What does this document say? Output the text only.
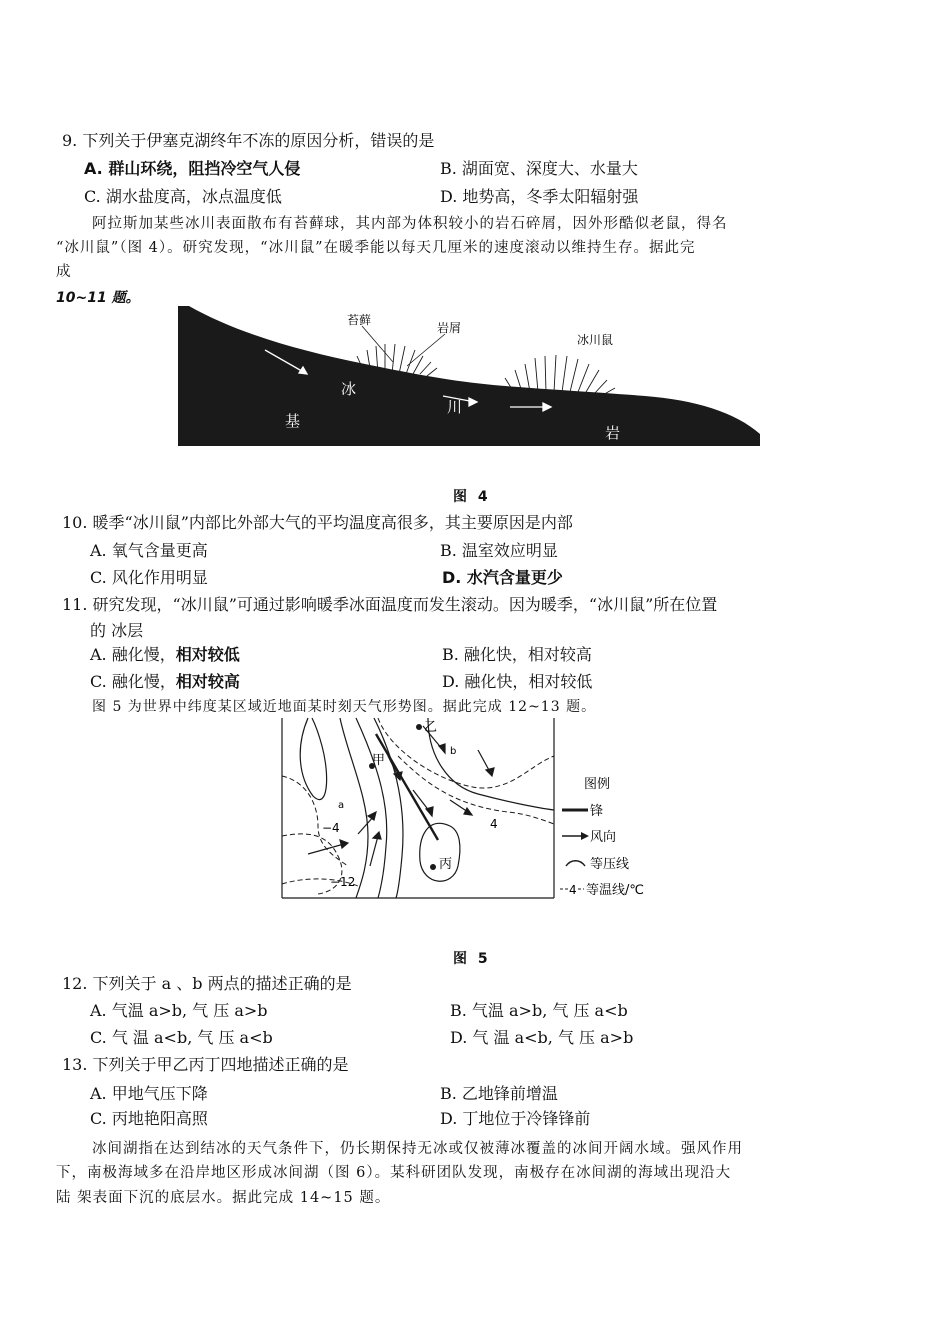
9. 下列关于伊塞克湖终年不冻的原因分析，错误的是
A. 群山环绕，阻挡冷空气人侵	B. 湖面宽、深度大、水量大
C. 湖水盐度高，冰点温度低	D. 地势高，冬季太阳辐射强
阿拉斯加某些冰川表面散布有苔藓球，其内部为体积较小的岩石碎屑，因外形酷似老鼠，得名
“冰川鼠”（图 4）。研究发现，“冰川鼠”在暖季能以每天几厘米的速度滚动以维持生存。据此完
成
10~11 题。
苔藓
岩屑
冰川鼠
冰
川
基
岩
图 4
10. 暖季“冰川鼠”内部比外部大气的平均温度高很多，其主要原因是内部
A. 氧气含量更高	B. 温室效应明显
C. 风化作用明显	D. 水汽含量更少
11. 研究发现，“冰川鼠”可通过影响暖季冰面温度而发生滚动。因为暖季，“冰川鼠”所在位置
的 冰层
A. 融化慢，相对较低	B. 融化快，相对较高
C. 融化慢，相对较高	D. 融化快，相对较低
图 5 为世界中纬度某区域近地面某时刻天气形势图。据此完成 12~13 题。
甲
乙
丙
a
b
−4	4
−12
图例
锋
风向
等压线
4 等温线/℃
图 5
12. 下列关于 a 、b 两点的描述正确的是
A. 气温 a>b, 气 压 a>b	B. 气温 a>b, 气 压 a<b
C. 气 温 a<b, 气 压 a<b	D. 气 温 a<b, 气 压 a>b
13. 下列关于甲乙丙丁四地描述正确的是
A. 甲地气压下降	B. 乙地锋前增温
C. 丙地艳阳高照	D. 丁地位于冷锋锋前
冰间湖指在达到结冰的天气条件下，仍长期保持无冰或仅被薄冰覆盖的冰间开阔水域。强风作用
下，南极海域多在沿岸地区形成冰间湖（图 6）。某科研团队发现，南极存在冰间湖的海域出现沿大
陆 架表面下沉的底层水。据此完成 14~15 题。
